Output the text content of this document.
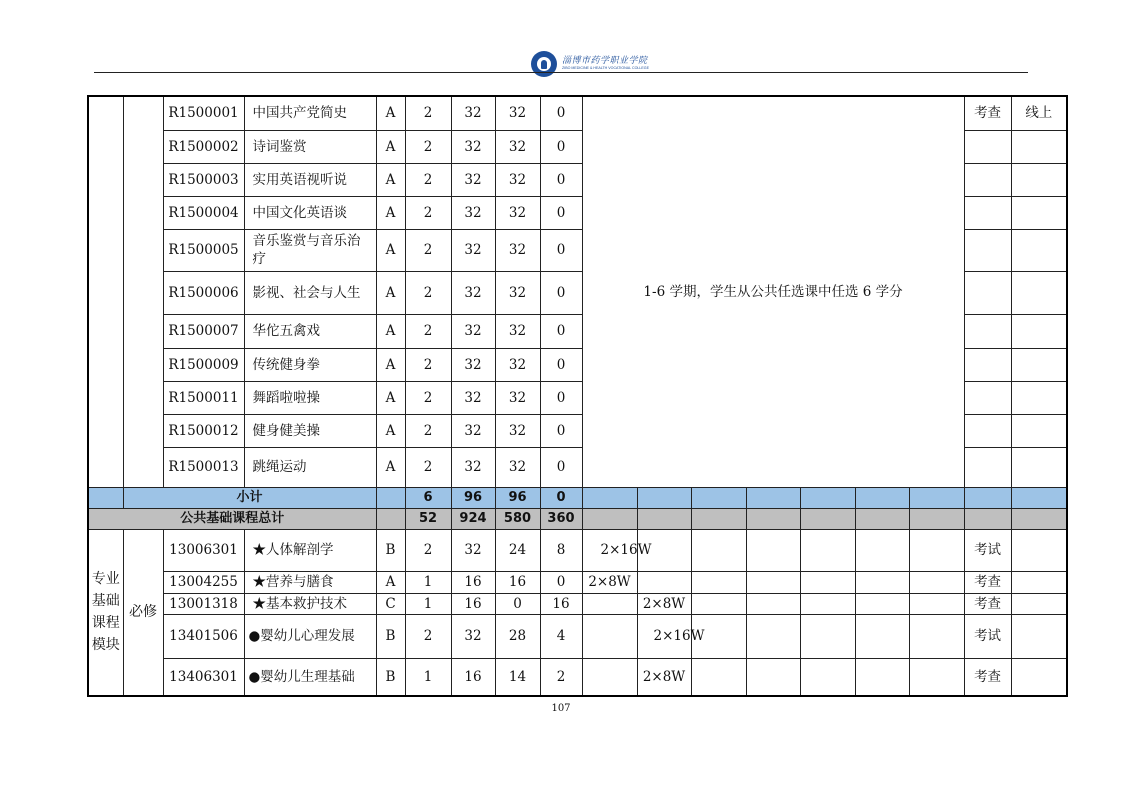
淄博市药学职业学院
ZIBO MEDICINE & HEALTH VOCATIONAL COLLEGE
		R1500001	中国共产党简史	A	2	32	32	0	1-6 学期，学生从公共任选课中任选 6 学分							考查	线上
		R1500002	诗词鉴赏	A	2	32	32	0									
		R1500003	实用英语视听说	A	2	32	32	0									
		R1500004	中国文化英语谈	A	2	32	32	0									
		R1500005	音乐鉴赏与音乐治疗	A	2	32	32	0									
		R1500006	影视、社会与人生	A	2	32	32	0									
		R1500007	华佗五禽戏	A	2	32	32	0									
		R1500009	传统健身拳	A	2	32	32	0									
		R1500011	舞蹈啦啦操	A	2	32	32	0									
		R1500012	健身健美操	A	2	32	32	0									
		R1500013	跳绳运动	A	2	32	32	0									
	小计				6	96	96	0									
公共基础课程总计					52	924	580	360									
专业基础课程模块	必修	13006301	★人体解剖学	B	2	32	24	8	2×16W							考试	
		13004255	★营养与膳食	A	1	16	16	0	2×8W							考查	
		13001318	★基本救护技术	C	1	16	0	16		2×8W						考查	
		13401506	●婴幼儿心理发展	B	2	32	28	4		2×16W						考试	
		13406301	●婴幼儿生理基础	B	1	16	14	2		2×8W						考查	
107
